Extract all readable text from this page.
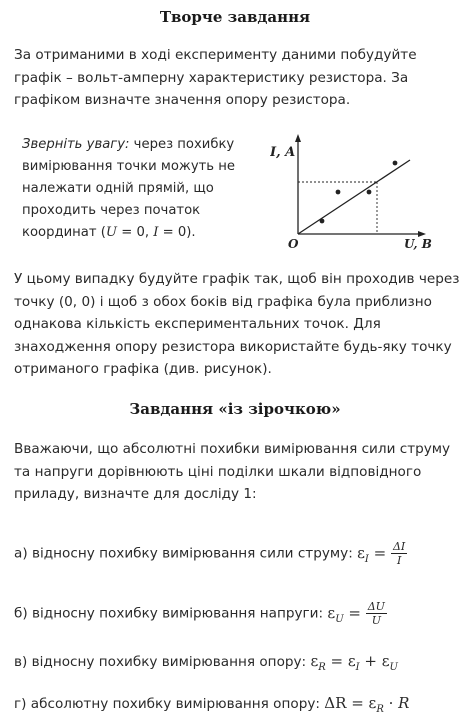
Творче завдання
За отриманими в ході експерименту даними побудуйте графік – вольт-амперну характеристику резистора. За графіком визначте значення опору резистора.
Зверніть увагу: через похибку вимірювання точки можуть не належати одній прямій, що проходить через початок координат (U = 0, I = 0).
I, A
O	U, B
У цьому випадку будуйте графік так, щоб він проходив через точку (0, 0) і щоб з обох боків від графіка була приблизно однакова кількість експериментальних точок. Для знаходження опору резистора використайте будь-яку точку отриманого графіка (див. рисунок).
Завдання «із зірочкою»
Вважаючи, що абсолютні похибки вимірювання сили струму та напруги дорівнюють ціні поділки шкали відповідного приладу, визначте для досліду 1:
а) відносну похибку вимірювання сили струму: $\varepsilon_I = \frac{\Delta I}{I}$
б) відносну похибку вимірювання напруги: $\varepsilon_U = \frac{\Delta U}{U}$
в) відносну похибку вимірювання опору: $\varepsilon_R = \varepsilon_I + \varepsilon_U$
г) абсолютну похибку вимірювання опору: $\Delta R = \varepsilon_R \cdot R$
